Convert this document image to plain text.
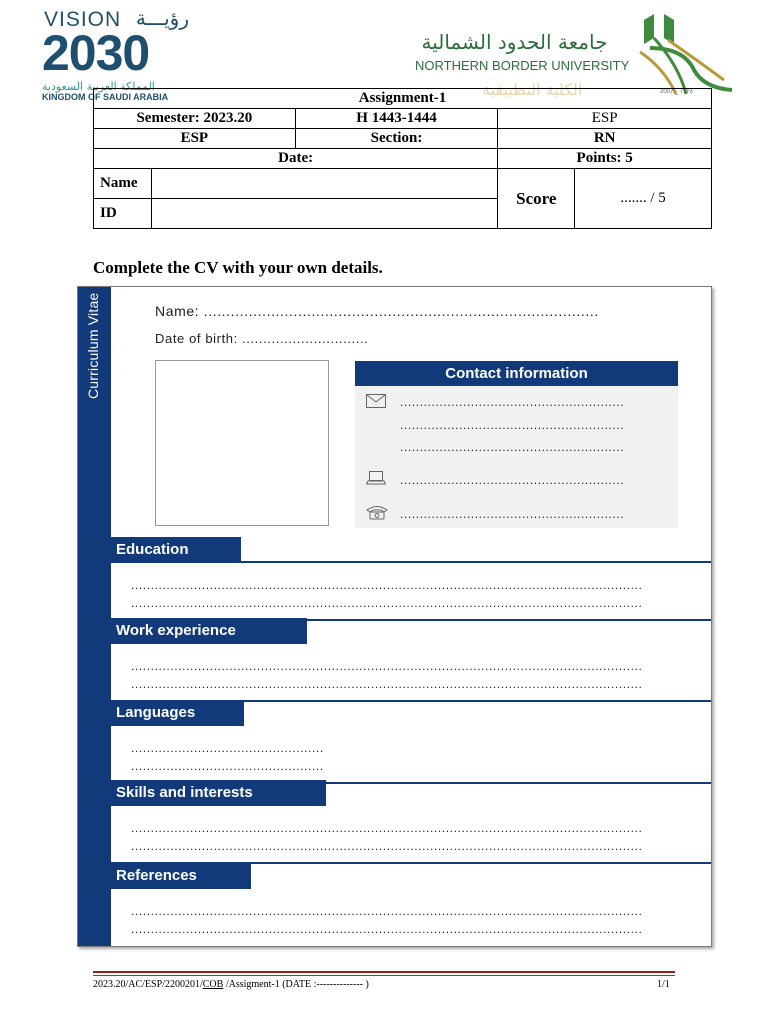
VISION رؤيـــة
2030
المملكة العربية السعودية
KINGDOM OF SAUDI ARABIA
جامعة الحدود الشمالية
NORTHERN BORDER UNIVERSITY
الكلية التطبيقية	2007 _ ١٤٢٨
Assignment-1				
Semester: 2023.20		H 1443-1444	ESP	
ESP		Section:	RN	
Date:			Points: 5	
Name			Score	....... / 5
ID				
Complete the CV with your own details.
Curriculum Vitae	Name: ........................................................................................
Date of birth: ..............................
Contact information
.........................................................
.........................................................
.........................................................
.........................................................
.........................................................
Education
..................................................................................................................................
..................................................................................................................................
Work experience
..................................................................................................................................
..................................................................................................................................
Languages
.................................................
.................................................
Skills and interests
..................................................................................................................................
..................................................................................................................................
References
..................................................................................................................................
..................................................................................................................................
2023.20/AC/ESP/2200201/COB /Assigment-1 (DATE :-------------- )	1/1
